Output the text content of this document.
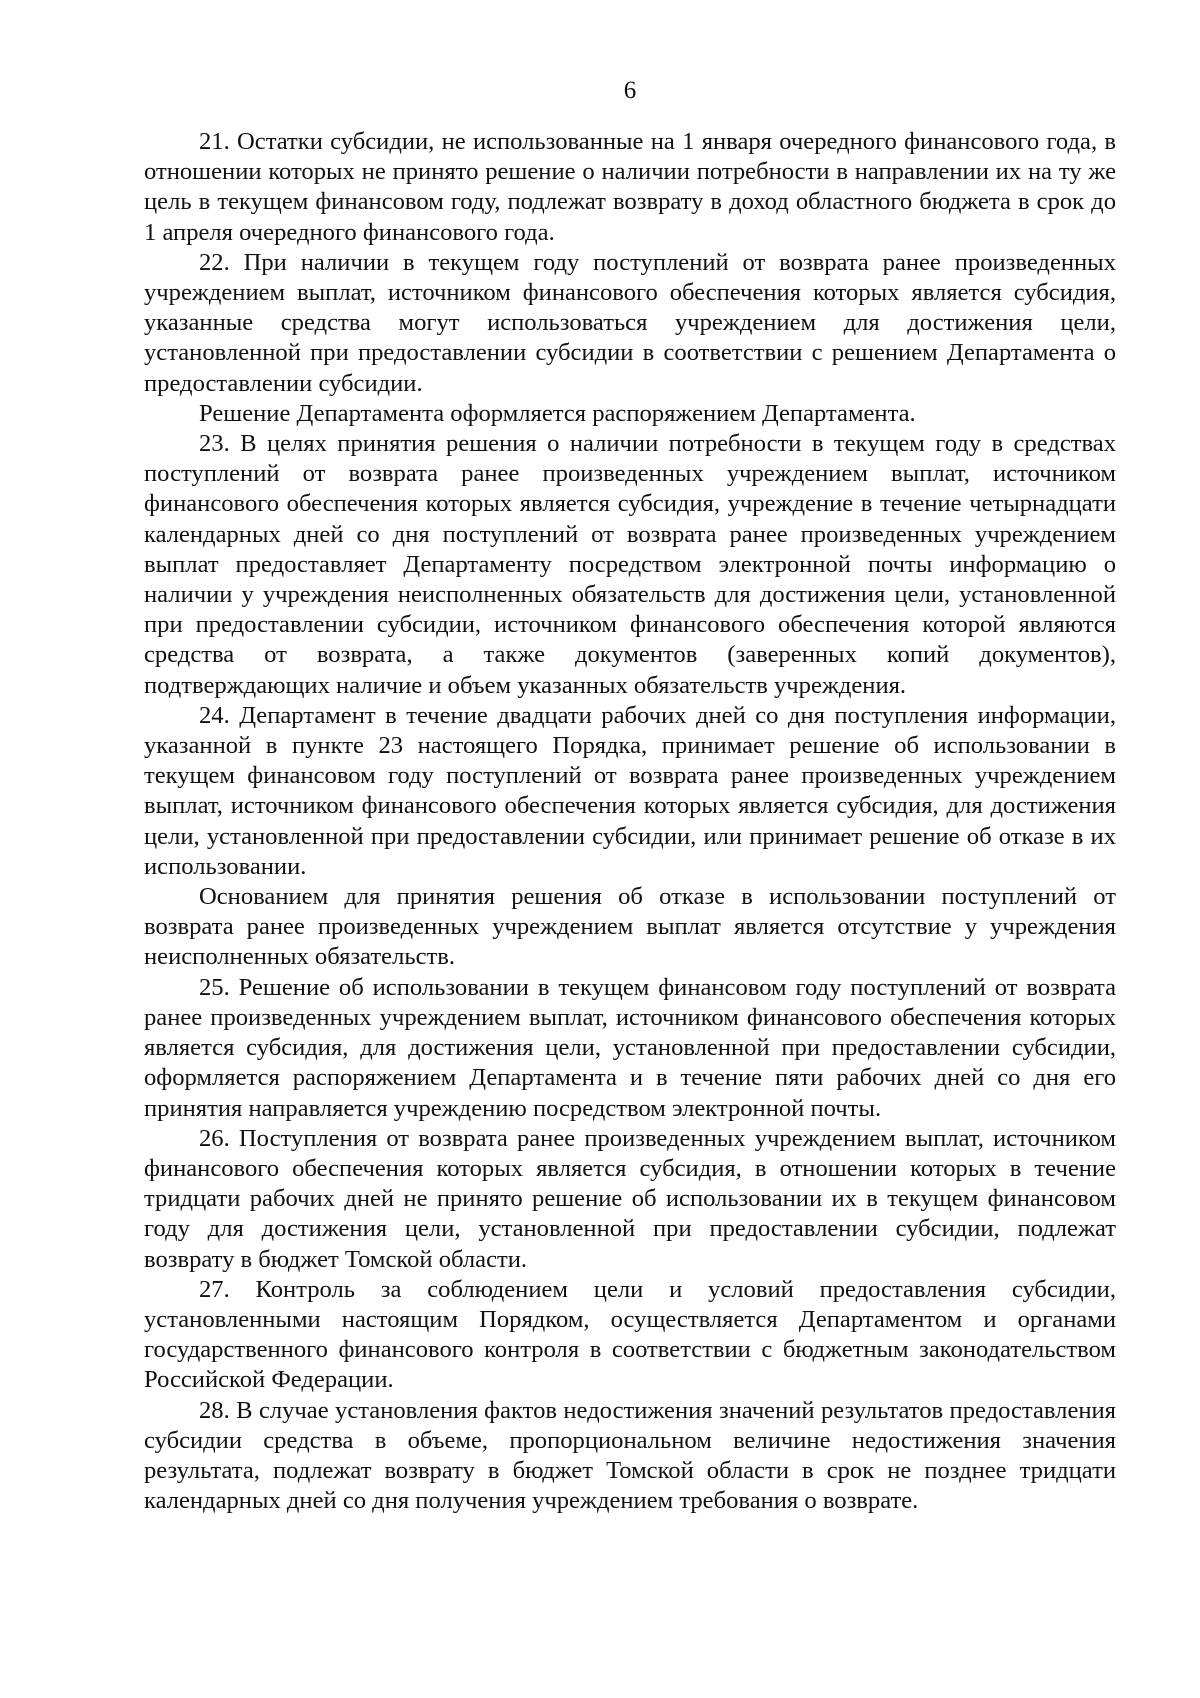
6

21. Остатки субсидии, не использованные на 1 января очередного финансового года, в отношении которых не принято решение о наличии потребности в направлении их на ту же цель в текущем финансовом году, подлежат возврату в доход областного бюджета в срок до 1 апреля очередного финансового года.

22. При наличии в текущем году поступлений от возврата ранее произведенных учреждением выплат, источником финансового обеспечения которых является субсидия, указанные средства могут использоваться учреждением для достижения цели, установленной при предоставлении субсидии в соответствии с решением Департамента о предоставлении субсидии.

Решение Департамента оформляется распоряжением Департамента.

23. В целях принятия решения о наличии потребности в текущем году в средствах поступлений от возврата ранее произведенных учреждением выплат, источником финансового обеспечения которых является субсидия, учреждение в течение четырнадцати календарных дней со дня поступлений от возврата ранее произведенных учреждением выплат предоставляет Департаменту посредством электронной почты информацию о наличии у учреждения неисполненных обязательств для достижения цели, установленной при предоставлении субсидии, источником финансового обеспечения которой являются средства от возврата, а также документов (заверенных копий документов), подтверждающих наличие и объем указанных обязательств учреждения.

24. Департамент в течение двадцати рабочих дней со дня поступления информации, указанной в пункте 23 настоящего Порядка, принимает решение об использовании в текущем финансовом году поступлений от возврата ранее произведенных учреждением выплат, источником финансового обеспечения которых является субсидия, для достижения цели, установленной при предоставлении субсидии, или принимает решение об отказе в их использовании.

Основанием для принятия решения об отказе в использовании поступлений от возврата ранее произведенных учреждением выплат является отсутствие у учреждения неисполненных обязательств.

25. Решение об использовании в текущем финансовом году поступлений от возврата ранее произведенных учреждением выплат, источником финансового обеспечения которых является субсидия, для достижения цели, установленной при предоставлении субсидии, оформляется распоряжением Департамента и в течение пяти рабочих дней со дня его принятия направляется учреждению посредством электронной почты.

26. Поступления от возврата ранее произведенных учреждением выплат, источником финансового обеспечения которых является субсидия, в отношении которых в течение тридцати рабочих дней не принято решение об использовании их в текущем финансовом году для достижения цели, установленной при предоставлении субсидии, подлежат возврату в бюджет Томской области.

27. Контроль за соблюдением цели и условий предоставления субсидии, установленными настоящим Порядком, осуществляется Департаментом и органами государственного финансового контроля в соответствии с бюджетным законодательством Российской Федерации.

28. В случае установления фактов недостижения значений результатов предоставления субсидии средства в объеме, пропорциональном величине недостижения значения результата, подлежат возврату в бюджет Томской области в срок не позднее тридцати календарных дней со дня получения учреждением требования о возврате.
